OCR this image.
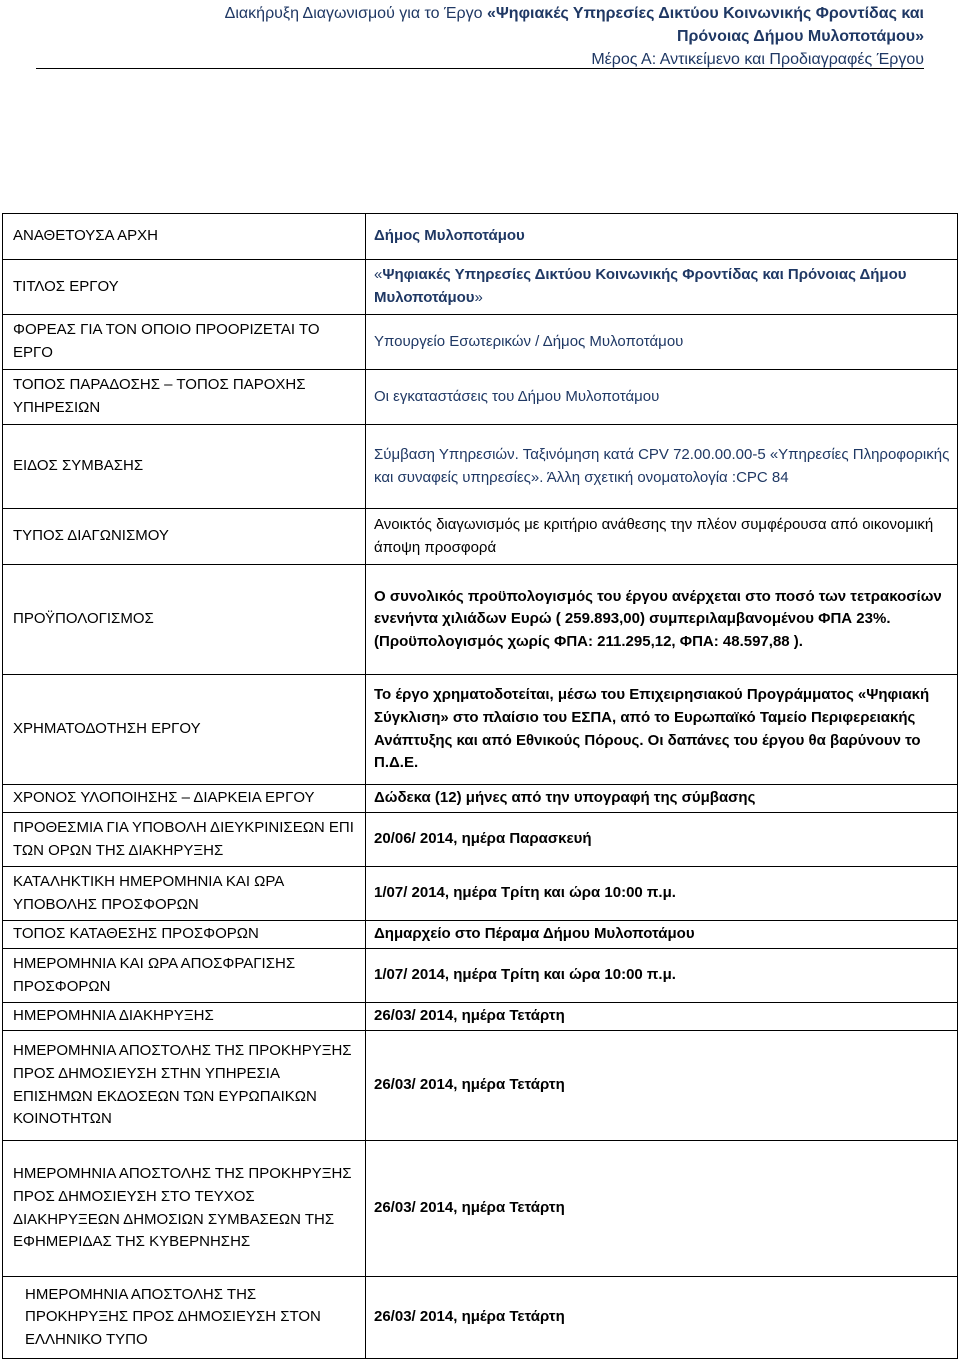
Διακήρυξη Διαγωνισμού για το Έργο «Ψηφιακές Υπηρεσίες Δικτύου Κοινωνικής Φροντίδας και
Πρόνοιας Δήμου Μυλοποτάμου»
Μέρος Α: Αντικείμενο και Προδιαγραφές Έργου
ΑΝΑΘΕΤΟΥΣΑ ΑΡΧΗ	Δήμος Μυλοποτάμου
ΤΙΤΛΟΣ ΕΡΓΟΥ	«Ψηφιακές Υπηρεσίες Δικτύου Κοινωνικής Φροντίδας και Πρόνοιας Δήμου Μυλοποτάμου»
ΦΟΡΕΑΣ ΓΙΑ ΤΟΝ ΟΠΟΙΟ ΠΡΟΟΡΙΖΕΤΑΙ ΤΟ ΕΡΓΟ	Υπουργείο Εσωτερικών / Δήμος Μυλοποτάμου
ΤΟΠΟΣ ΠΑΡΑΔΟΣΗΣ – ΤΟΠΟΣ ΠΑΡΟΧΗΣ ΥΠΗΡΕΣΙΩΝ	Οι εγκαταστάσεις του Δήμου Μυλοποτάμου
ΕΙΔΟΣ ΣΥΜΒΑΣΗΣ	Σύμβαση Υπηρεσιών. Ταξινόμηση κατά CPV 72.00.00.00-5 «Υπηρεσίες Πληροφορικής και συναφείς υπηρεσίες». Άλλη σχετική ονοματολογία :CPC 84
ΤΥΠΟΣ ΔΙΑΓΩΝΙΣΜΟΥ	Ανοικτός διαγωνισμός με κριτήριο ανάθεσης την πλέον συμφέρουσα από οικονομική άποψη προσφορά
ΠΡΟΫΠΟΛΟΓΙΣΜΟΣ	Ο συνολικός προϋπολογισμός του έργου ανέρχεται στο ποσό των τετρακοσίων ενενήντα χιλιάδων Ευρώ ( 259.893,00) συμπεριλαμβανομένου ΦΠΑ 23%. (Προϋπολογισμός χωρίς ΦΠΑ: 211.295,12, ΦΠΑ: 48.597,88 ).
ΧΡΗΜΑΤΟΔΟΤΗΣΗ ΕΡΓΟΥ	Το έργο χρηματοδοτείται, μέσω του Επιχειρησιακού Προγράμματος «Ψηφιακή Σύγκλιση» στο πλαίσιο του ΕΣΠΑ, από το Ευρωπαϊκό Ταμείο Περιφερειακής Ανάπτυξης και από Εθνικούς Πόρους. Οι δαπάνες του έργου θα βαρύνουν το Π.Δ.Ε.
ΧΡΟΝΟΣ ΥΛΟΠΟΙΗΣΗΣ – ΔΙΑΡΚΕΙΑ ΕΡΓΟΥ	Δώδεκα (12) μήνες από την υπογραφή της σύμβασης
ΠΡΟΘΕΣΜΙΑ ΓΙΑ ΥΠΟΒΟΛΗ ΔΙΕΥΚΡΙΝΙΣΕΩΝ ΕΠΙ ΤΩΝ ΟΡΩΝ ΤΗΣ ΔΙΑΚΗΡΥΞΗΣ	20/06/ 2014, ημέρα Παρασκευή
ΚΑΤΑΛΗΚΤΙΚΗ ΗΜΕΡΟΜΗΝΙΑ ΚΑΙ ΩΡΑ ΥΠΟΒΟΛΗΣ ΠΡΟΣΦΟΡΩΝ	1/07/ 2014, ημέρα Τρίτη και ώρα 10:00 π.μ.
ΤΟΠΟΣ ΚΑΤΑΘΕΣΗΣ ΠΡΟΣΦΟΡΩΝ	Δημαρχείο στο Πέραμα Δήμου Μυλοποτάμου
ΗΜΕΡΟΜΗΝΙΑ ΚΑΙ ΩΡΑ ΑΠΟΣΦΡΑΓΙΣΗΣ ΠΡΟΣΦΟΡΩΝ	1/07/ 2014, ημέρα Τρίτη και ώρα 10:00 π.μ.
ΗΜΕΡΟΜΗΝΙΑ ΔΙΑΚΗΡΥΞΗΣ	26/03/ 2014, ημέρα Τετάρτη
ΗΜΕΡΟΜΗΝΙΑ ΑΠΟΣΤΟΛΗΣ ΤΗΣ ΠΡΟΚΗΡΥΞΗΣ ΠΡΟΣ ΔΗΜΟΣΙΕΥΣΗ ΣΤΗΝ ΥΠΗΡΕΣΙΑ ΕΠΙΣΗΜΩΝ ΕΚΔΟΣΕΩΝ ΤΩΝ ΕΥΡΩΠΑΙΚΩΝ ΚΟΙΝΟΤΗΤΩΝ	26/03/ 2014, ημέρα Τετάρτη
ΗΜΕΡΟΜΗΝΙΑ ΑΠΟΣΤΟΛΗΣ ΤΗΣ ΠΡΟΚΗΡΥΞΗΣ ΠΡΟΣ ΔΗΜΟΣΙΕΥΣΗ ΣΤΟ ΤΕΥΧΟΣ ΔΙΑΚΗΡΥΞΕΩΝ ΔΗΜΟΣΙΩΝ ΣΥΜΒΑΣΕΩΝ ΤΗΣ ΕΦΗΜΕΡΙΔΑΣ ΤΗΣ ΚΥΒΕΡΝΗΣΗΣ	26/03/ 2014, ημέρα Τετάρτη
ΗΜΕΡΟΜΗΝΙΑ ΑΠΟΣΤΟΛΗΣ ΤΗΣ ΠΡΟΚΗΡΥΞΗΣ ΠΡΟΣ ΔΗΜΟΣΙΕΥΣΗ ΣΤΟΝ ΕΛΛΗΝΙΚΟ ΤΥΠΟ	26/03/ 2014, ημέρα Τετάρτη
